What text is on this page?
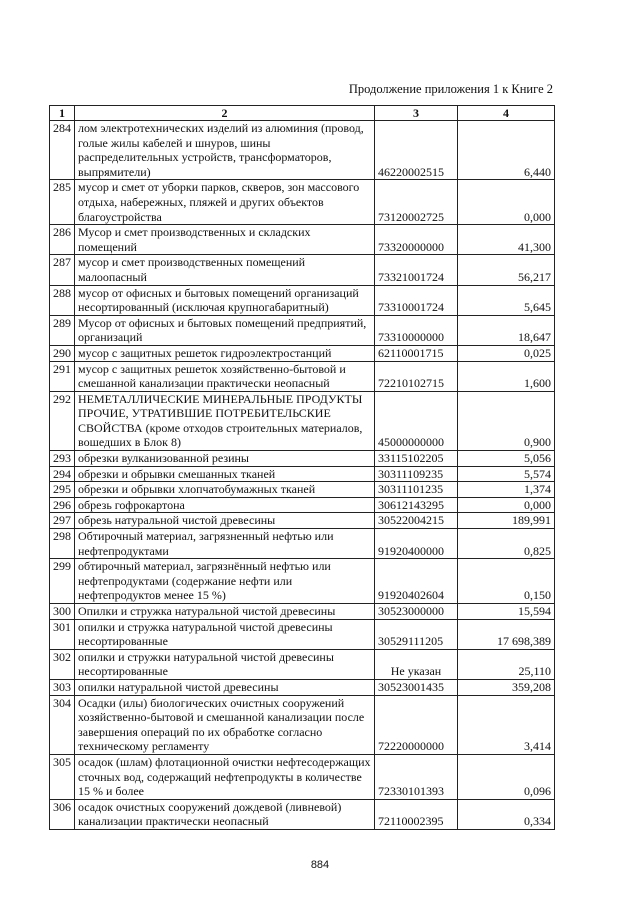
Продолжение приложения 1 к Книге 2
1	2	3	4
284	лом электротехнических изделий из алюминия (провод, голые жилы кабелей и шнуров, шины распределительных устройств, трансформаторов, выпрямители)	46220002515	6,440
285	мусор и смет от уборки парков, скверов, зон массового отдыха, набережных, пляжей и других объектов благоустройства	73120002725	0,000
286	Мусор и смет производственных и складских помещений	73320000000	41,300
287	мусор и смет производственных помещений малоопасный	73321001724	56,217
288	мусор от офисных и бытовых помещений организаций несортированный (исключая крупногабаритный)	73310001724	5,645
289	Мусор от офисных и бытовых помещений предприятий, организаций	73310000000	18,647
290	мусор с защитных решеток гидроэлектростанций	62110001715	0,025
291	мусор с защитных решеток хозяйственно-бытовой и смешанной канализации практически неопасный	72210102715	1,600
292	НЕМЕТАЛЛИЧЕСКИЕ МИНЕРАЛЬНЫЕ ПРОДУКТЫ ПРОЧИЕ, УТРАТИВШИЕ ПОТРЕБИТЕЛЬСКИЕ СВОЙСТВА (кроме отходов строительных материалов, вошедших в Блок 8)	45000000000	0,900
293	обрезки вулканизованной резины	33115102205	5,056
294	обрезки и обрывки смешанных тканей	30311109235	5,574
295	обрезки и обрывки хлопчатобумажных тканей	30311101235	1,374
296	обрезь гофрокартона	30612143295	0,000
297	обрезь натуральной чистой древесины	30522004215	189,991
298	Обтирочный материал, загрязненный нефтью или нефтепродуктами	91920400000	0,825
299	обтирочный материал, загрязнённый нефтью или нефтепродуктами (содержание нефти или нефтепродуктов менее 15 %)	91920402604	0,150
300	Опилки и стружка натуральной чистой древесины	30523000000	15,594
301	опилки и стружка натуральной чистой древесины несортированные	30529111205	17 698,389
302	опилки и стружки натуральной чистой древесины несортированные	Не указан	25,110
303	опилки натуральной чистой древесины	30523001435	359,208
304	Осадки (илы) биологических очистных сооружений хозяйственно-бытовой и смешанной канализации после завершения операций по их обработке согласно техническому регламенту	72220000000	3,414
305	осадок (шлам) флотационной очистки нефтесодержащих сточных вод, содержащий нефтепродукты в количестве 15 % и более	72330101393	0,096
306	осадок очистных сооружений дождевой (ливневой) канализации практически неопасный	72110002395	0,334
884
